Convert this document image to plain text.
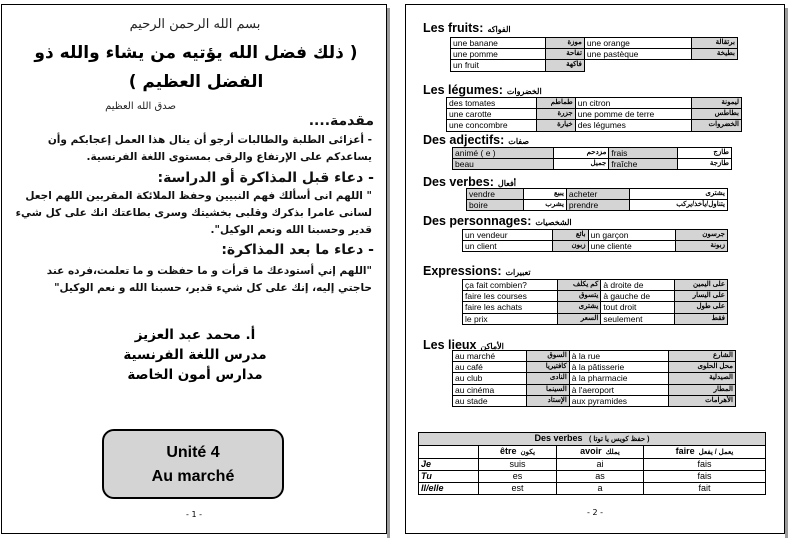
بسم الله الرحمن الرحيم
( ذلك فضل الله يؤتيه من يشاء والله ذو
الفضل العظيم )
صدق الله العظيم
مقدمة....
- أعزائى الطلبة والطالبات أرجو أن ينال هذا العمل إعجابكم وأن يساعدكم على الإرتفاع والرقى بمستوى اللغة الفرنسية.
- دعاء قبل المذاكرة أو الدراسة:
" اللهم انى أسألك فهم النبيين وحفظ الملائكة المقربين اللهم اجعل لسانى عامرا بذكرك وقلبى بخشيتك وسرى بطاعتك انك على كل شيء قدير وحسبنا الله ونعم الوكيل".
- دعاء ما بعد المذاكرة:
"اللهم إني أستودعك ما قرأت و ما حفظت و ما تعلمت،فرده عند حاجتي إليه، إنك على كل شيء قدير، حسبنا الله و نعم الوكيل"
أ. محمد عبد العزيز
مدرس اللغة الفرنسية
مدارس أمون الخاصة
Unité 4
Au marché
- 1 -
Les fruits: الفواكه
une banane	موزة	une orange	برتقالة
une pomme	تفاحة	une pastèque	بطيخة
un fruit	فاكهة		
Les légumes: الخضروات
des tomates	طماطم	un citron	ليمونة
une carotte	جزرة	une pomme de terre	بطاطس
une concombre	خيارة	des légumes	الخضروات
Des adjectifs: صفات
animé ( e )	مزدحم	frais	طازج
beau	جميل	fraîche	طازجة
Des verbes: أفعال
vendre	يبيع	acheter	يشترى
boire	يشرب	prendre	يتناول/يأخذ/يركب
Des personnages: الشخصيات
un vendeur	بائع	un garçon	جرسون
un client	زبون	une cliente	زبونة
Expressions: تعبيرات
ça fait combien?	كم يكلف	à droite de	على اليمين
faire les courses	يتسوق	à gauche de	على اليسار
faire les achats	يشترى	tout droit	على طول
le prix	السعر	seulement	فقط
Les lieux الأماكن
au marché	السوق	à la rue	الشارع
au café	كافتيريا	à la pâtisserie	محل الحلوى
au club	النادى	à la pharmacie	الصيدلية
au cinéma	السينما	à l'aeroport	المطار
au stade	الإستاد	aux pyramides	الأهرامات
Des verbes ( حفظ كويس يا توتا )			
	être يكون	avoir يملك	faire يعمل / يفعل
Je	suis	ai	fais
Tu	es	as	fais
Il/elle	est	a	fait
- 2 -
